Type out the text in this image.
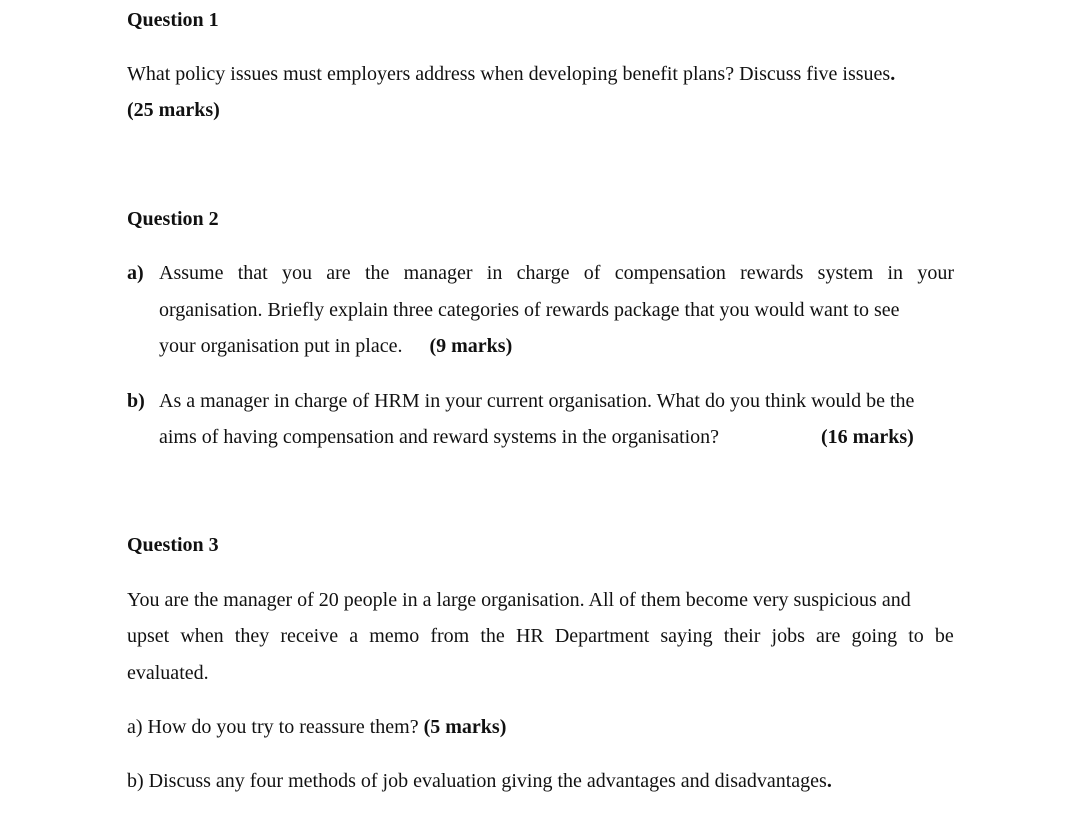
Question 1
What policy issues must employers address when developing benefit plans? Discuss five issues.
(25 marks)
Question 2
a) Assume that you are the manager in charge of compensation rewards system in your
organisation. Briefly explain three categories of rewards package that you would want to see
your organisation put in place. (9 marks)
b) As a manager in charge of HRM in your current organisation. What do you think would be the
aims of having compensation and reward systems in the organisation?	(16 marks)
Question 3
You are the manager of 20 people in a large organisation. All of them become very suspicious and
upset when they receive a memo from the HR Department saying their jobs are going to be
evaluated.
a) How do you try to reassure them? (5 marks)
b) Discuss any four methods of job evaluation giving the advantages and disadvantages.
